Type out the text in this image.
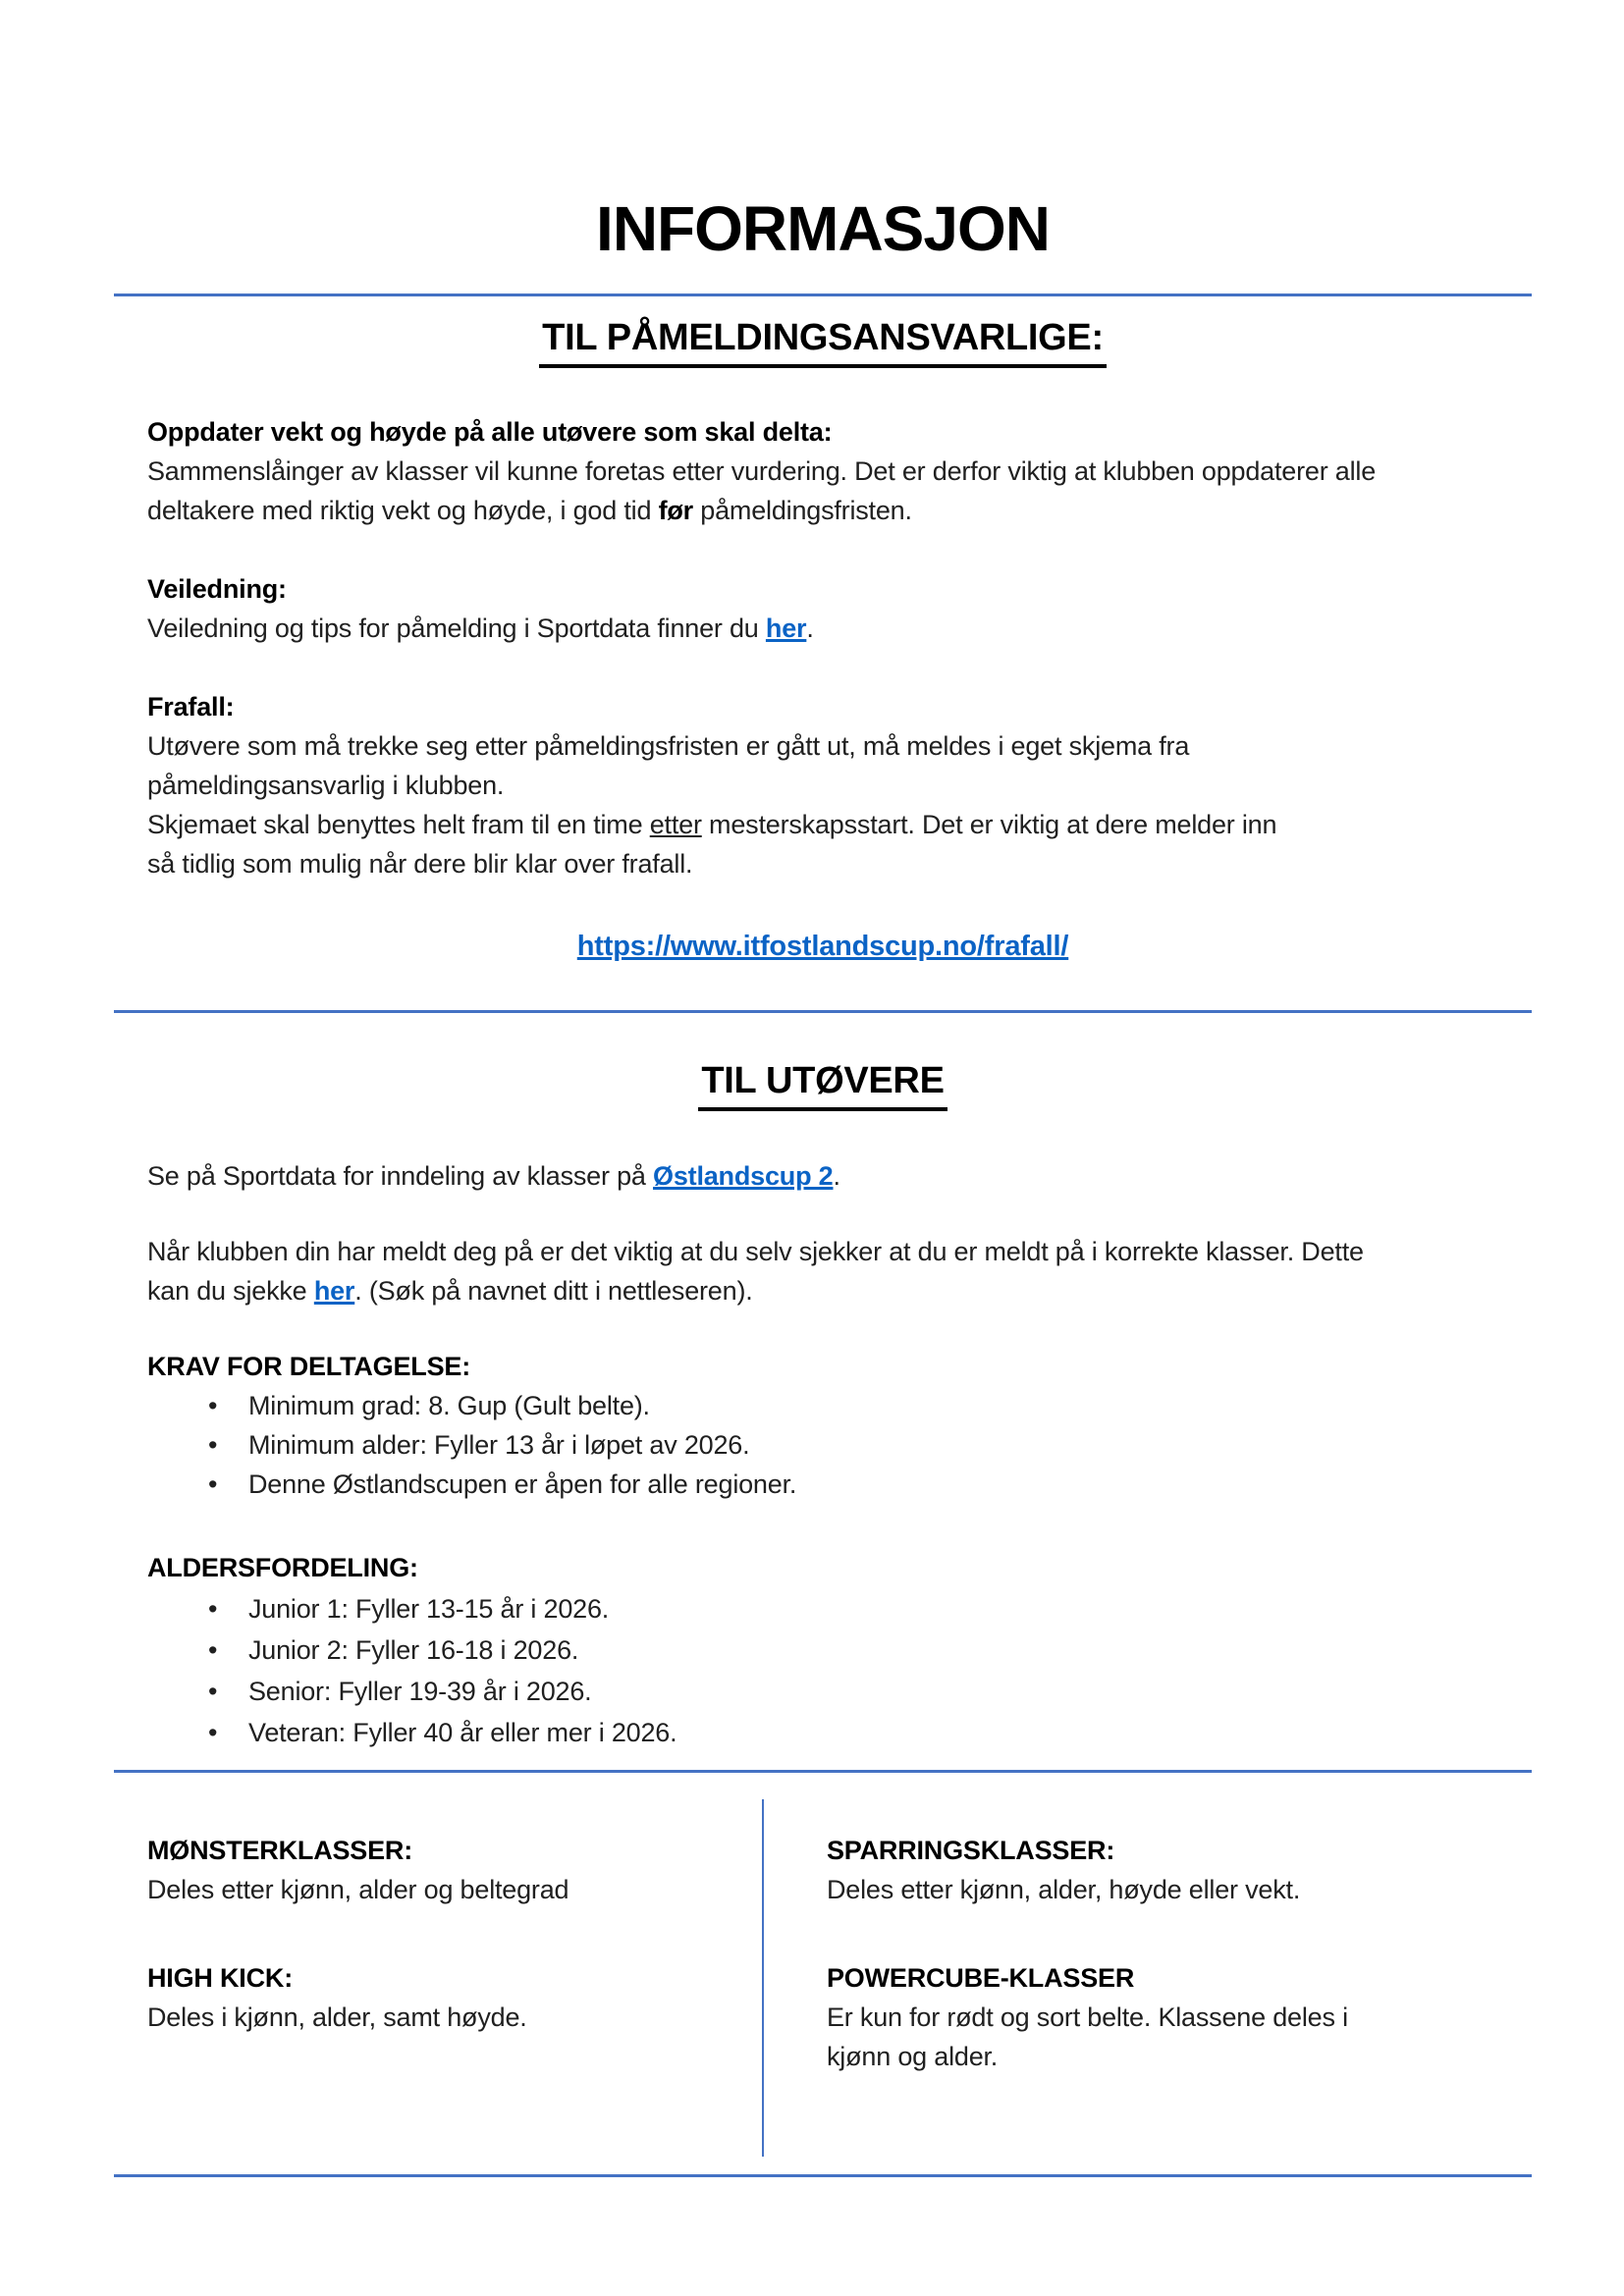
INFORMASJON
TIL PÅMELDINGSANSVARLIGE:
Oppdater vekt og høyde på alle utøvere som skal delta:
Sammenslåinger av klasser vil kunne foretas etter vurdering. Det er derfor viktig at klubben oppdaterer alle
deltakere med riktig vekt og høyde, i god tid før påmeldingsfristen.
Veiledning:
Veiledning og tips for påmelding i Sportdata finner du her.
Frafall:
Utøvere som må trekke seg etter påmeldingsfristen er gått ut, må meldes i eget skjema fra
påmeldingsansvarlig i klubben.
Skjemaet skal benyttes helt fram til en time etter mesterskapsstart. Det er viktig at dere melder inn
så tidlig som mulig når dere blir klar over frafall.
https://www.itfostlandscup.no/frafall/
TIL UTØVERE
Se på Sportdata for inndeling av klasser på Østlandscup 2.
Når klubben din har meldt deg på er det viktig at du selv sjekker at du er meldt på i korrekte klasser. Dette
kan du sjekke her. (Søk på navnet ditt i nettleseren).
KRAV FOR DELTAGELSE:
• Minimum grad: 8. Gup (Gult belte).
• Minimum alder: Fyller 13 år i løpet av 2026.
• Denne Østlandscupen er åpen for alle regioner.
ALDERSFORDELING:
• Junior 1: Fyller 13-15 år i 2026.
• Junior 2: Fyller 16-18 i 2026.
• Senior: Fyller 19-39 år i 2026.
• Veteran: Fyller 40 år eller mer i 2026.
MØNSTERKLASSER:
Deles etter kjønn, alder og beltegrad
HIGH KICK:
Deles i kjønn, alder, samt høyde.
SPARRINGSKLASSER:
Deles etter kjønn, alder, høyde eller vekt.
POWERCUBE-KLASSER
Er kun for rødt og sort belte. Klassene deles i
kjønn og alder.
